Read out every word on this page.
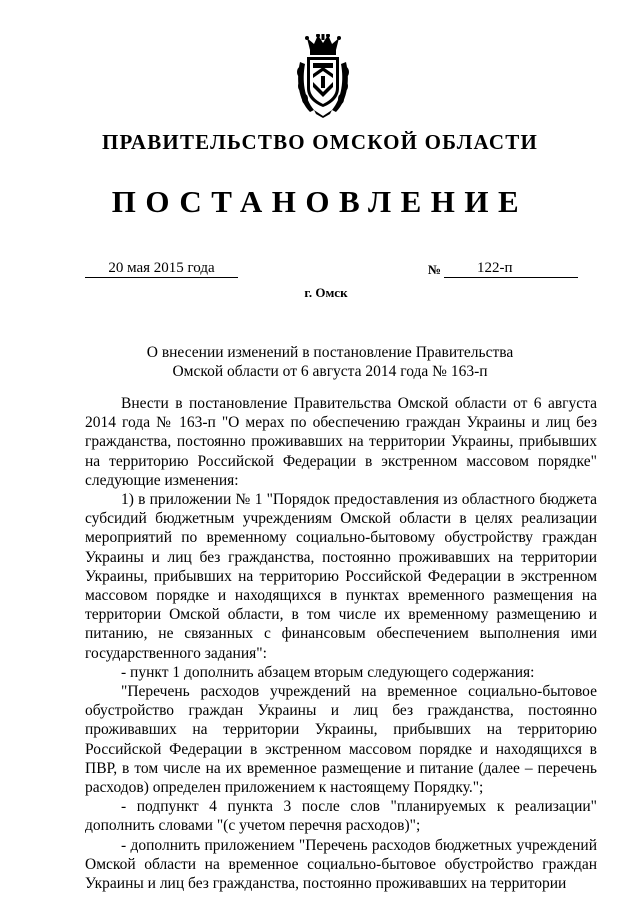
ПРАВИТЕЛЬСТВО ОМСКОЙ ОБЛАСТИ
ПОСТАНОВЛЕНИЕ
20 мая 2015 года	№	122-п
г. Омск
О внесении изменений в постановление Правительства
Омской области от 6 августа 2014 года № 163-п

Внести в постановление Правительства Омской области от 6 августа 2014 года № 163-п "О мерах по обеспечению граждан Украины и лиц без гражданства, постоянно проживавших на территории Украины, прибывших на территорию Российской Федерации в экстренном массовом порядке" следующие изменения:

1) в приложении № 1 "Порядок предоставления из областного бюджета субсидий бюджетным учреждениям Омской области в целях реализации мероприятий по временному социально-бытовому обустройству граждан Украины и лиц без гражданства, постоянно проживавших на территории Украины, прибывших на территорию Российской Федерации в экстренном массовом порядке и находящихся в пунктах временного размещения на территории Омской области, в том числе их временному размещению и питанию, не связанных с финансовым обеспечением выполнения ими государственного задания":

- пункт 1 дополнить абзацем вторым следующего содержания:

"Перечень расходов учреждений на временное социально-бытовое обустройство граждан Украины и лиц без гражданства, постоянно проживавших на территории Украины, прибывших на территорию Российской Федерации в экстренном массовом порядке и находящихся в ПВР, в том числе на их временное размещение и питание (далее – перечень расходов) определен приложением к настоящему Порядку.";

- подпункт 4 пункта 3 после слов "планируемых к реализации" дополнить словами "(с учетом перечня расходов)";

- дополнить приложением "Перечень расходов бюджетных учреждений Омской области на временное социально-бытовое обустройство граждан Украины и лиц без гражданства, постоянно проживавших на территории
